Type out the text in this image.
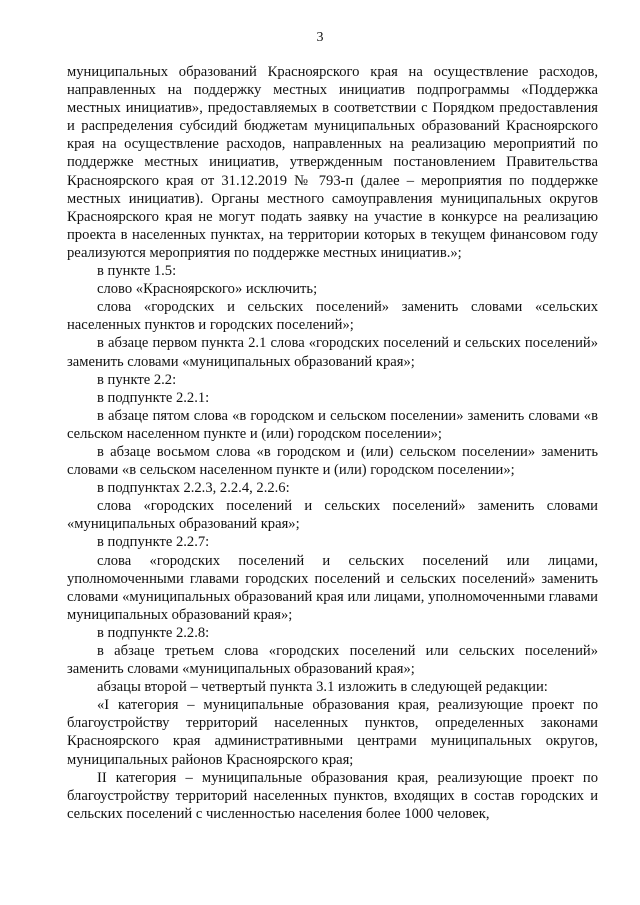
3

муниципальных образований Красноярского края на осуществление расходов, направленных на поддержку местных инициатив подпрограммы «Поддержка местных инициатив», предоставляемых в соответствии с Порядком предоставления и распределения субсидий бюджетам муниципальных образований Красноярского края на осуществление расходов, направленных на реализацию мероприятий по поддержке местных инициатив, утвержденным постановлением Правительства Красноярского края от 31.12.2019 № 793-п (далее – мероприятия по поддержке местных инициатив). Органы местного самоуправления муниципальных округов Красноярского края не могут подать заявку на участие в конкурсе на реализацию проекта в населенных пунктах, на территории которых в текущем финансовом году реализуются мероприятия по поддержке местных инициатив.»;

в пункте 1.5:

слово «Красноярского» исключить;

слова «городских и сельских поселений» заменить словами «сельских населенных пунктов и городских поселений»;

в абзаце первом пункта 2.1 слова «городских поселений и сельских поселений» заменить словами «муниципальных образований края»;

в пункте 2.2:

в подпункте 2.2.1:

в абзаце пятом слова «в городском и сельском поселении» заменить словами «в сельском населенном пункте и (или) городском поселении»;

в абзаце восьмом слова «в городском и (или) сельском поселении» заменить словами «в сельском населенном пункте и (или) городском поселении»;

в подпунктах 2.2.3, 2.2.4, 2.2.6:

слова «городских поселений и сельских поселений» заменить словами «муниципальных образований края»;

в подпункте 2.2.7:

слова «городских поселений и сельских поселений или лицами, уполномоченными главами городских поселений и сельских поселений» заменить словами «муниципальных образований края или лицами, уполномоченными главами муниципальных образований края»;

в подпункте 2.2.8:

в абзаце третьем слова «городских поселений или сельских поселений» заменить словами «муниципальных образований края»;

абзацы второй – четвертый пункта 3.1 изложить в следующей редакции:

«I категория – муниципальные образования края, реализующие проект по благоустройству территорий населенных пунктов, определенных законами Красноярского края административными центрами муниципальных округов, муниципальных районов Красноярского края;

II категория – муниципальные образования края, реализующие проект по благоустройству территорий населенных пунктов, входящих в состав городских и сельских поселений с численностью населения более 1000 человек,
